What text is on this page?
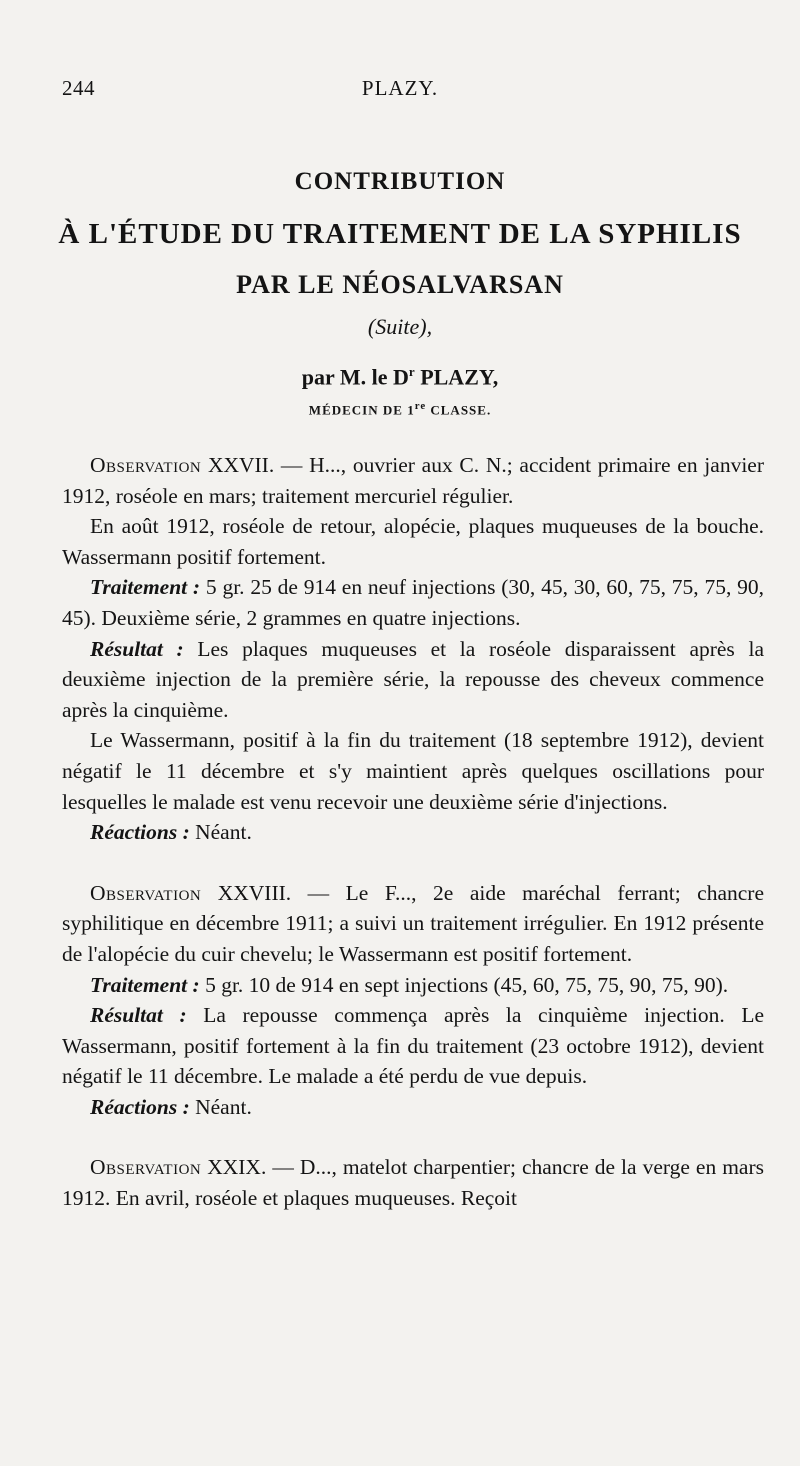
244	PLAZY.
CONTRIBUTION
À L'ÉTUDE DU TRAITEMENT DE LA SYPHILIS
PAR LE NÉOSALVARSAN
(Suite),
par M. le $D^r$ PLAZY,
MÉDECIN DE 1re CLASSE.

Observation XXVII. — H..., ouvrier aux C. N.; accident primaire en janvier 1912, roséole en mars; traitement mercuriel régulier.

En août 1912, roséole de retour, alopécie, plaques muqueuses de la bouche. Wassermann positif fortement.

Traitement : 5 gr. 25 de 914 en neuf injections (30, 45, 30, 60, 75, 75, 75, 90, 45). Deuxième série, 2 grammes en quatre injections.

Résultat : Les plaques muqueuses et la roséole disparaissent après la deuxième injection de la première série, la repousse des cheveux commence après la cinquième.

Le Wassermann, positif à la fin du traitement (18 septembre 1912), devient négatif le 11 décembre et s'y maintient après quelques oscillations pour lesquelles le malade est venu recevoir une deuxième série d'injections.

Réactions : Néant.

Observation XXVIII. — Le F..., 2e aide maréchal ferrant; chancre syphilitique en décembre 1911; a suivi un traitement irrégulier. En 1912 présente de l'alopécie du cuir chevelu; le Wassermann est positif fortement.

Traitement : 5 gr. 10 de 914 en sept injections (45, 60, 75, 75, 90, 75, 90).

Résultat : La repousse commença après la cinquième injection. Le Wassermann, positif fortement à la fin du traitement (23 octobre 1912), devient négatif le 11 décembre. Le malade a été perdu de vue depuis.

Réactions : Néant.

Observation XXIX. — D..., matelot charpentier; chancre de la verge en mars 1912. En avril, roséole et plaques muqueuses. Reçoit
